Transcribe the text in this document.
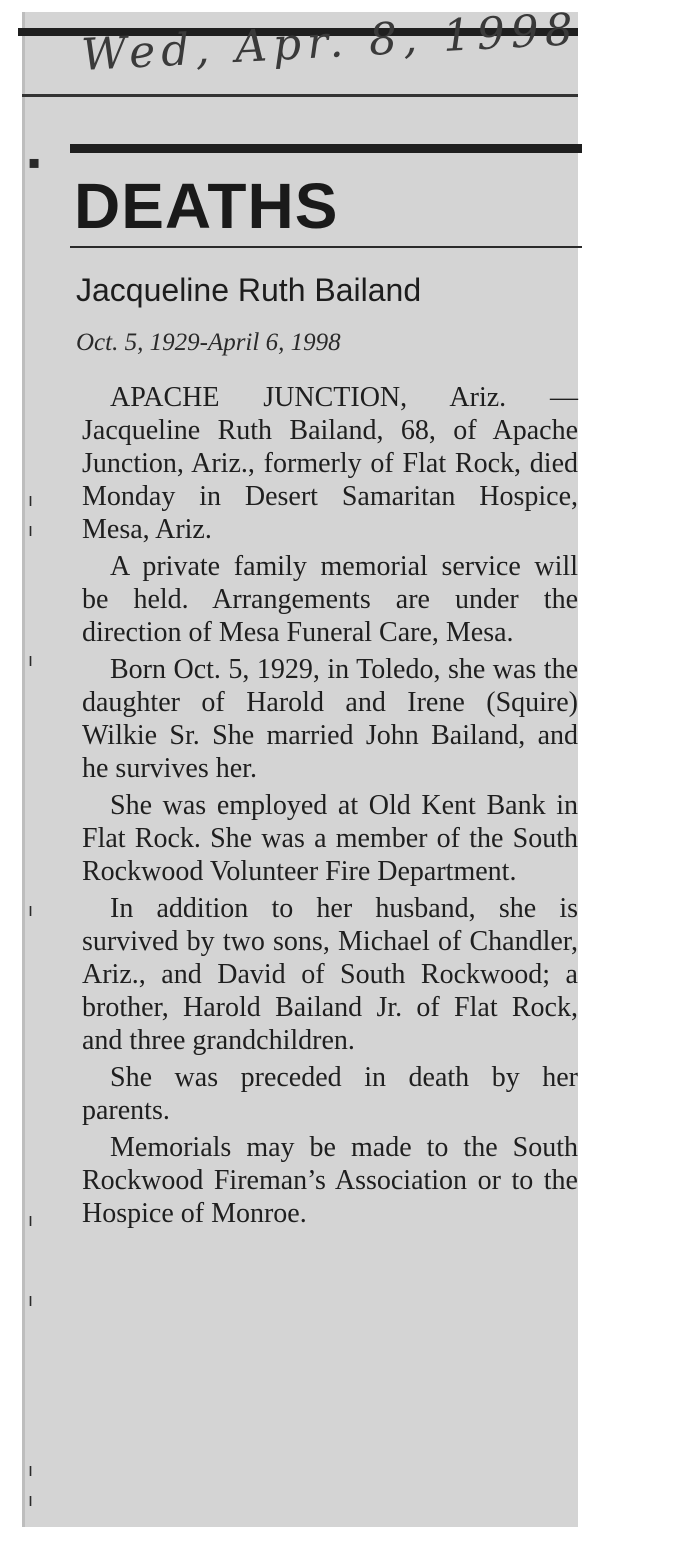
▪
ı
ı
ı
ı
ı
ı
ı
ı
Wed, Apr. 8, 1998
DEATHS
Jacqueline Ruth Bailand
Oct. 5, 1929-April 6, 1998

APACHE JUNCTION, Ariz. — Jacqueline Ruth Bailand, 68, of Apache Junction, Ariz., formerly of Flat Rock, died Monday in Desert Samaritan Hospice, Mesa, Ariz.

A private family memorial service will be held. Arrangements are under the direction of Mesa Funeral Care, Mesa.

Born Oct. 5, 1929, in Toledo, she was the daughter of Harold and Irene (Squire) Wilkie Sr. She married John Bailand, and he survives her.

She was employed at Old Kent Bank in Flat Rock. She was a member of the South Rockwood Volunteer Fire Department.

In addition to her husband, she is survived by two sons, Michael of Chandler, Ariz., and David of South Rockwood; a brother, Harold Bailand Jr. of Flat Rock, and three grandchildren.

She was preceded in death by her parents.

Memorials may be made to the South Rockwood Fireman’s Association or to the Hospice of Monroe.
